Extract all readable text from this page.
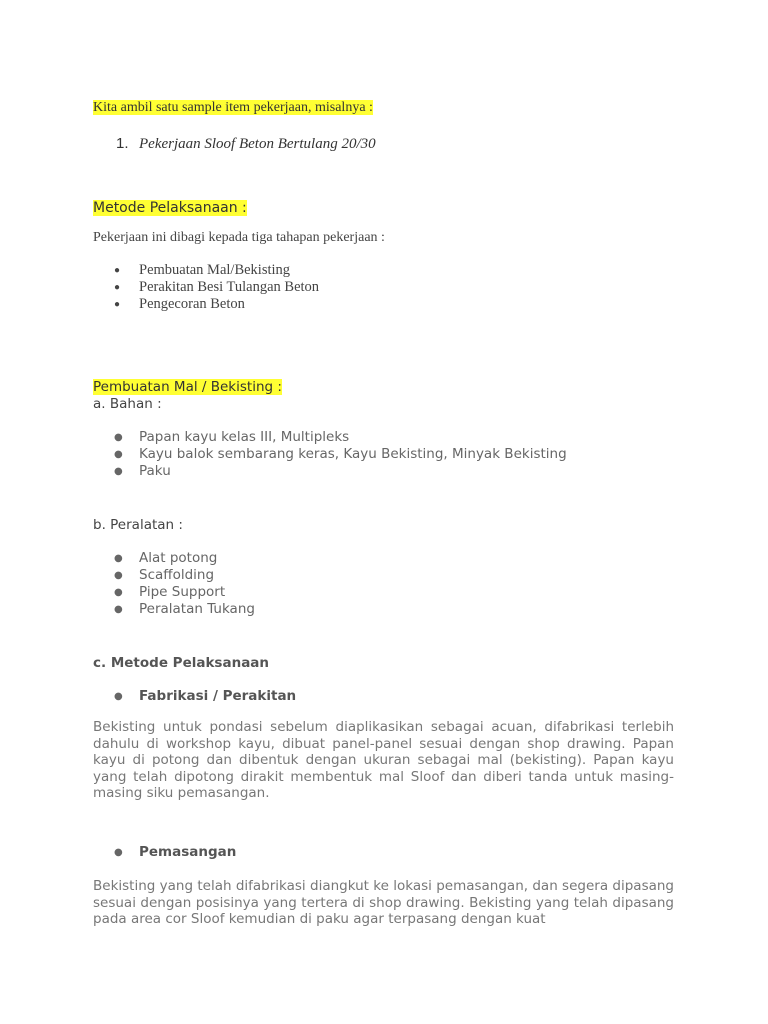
Kita ambil satu sample item pekerjaan, misalnya :

1. Pekerjaan Sloof Beton Bertulang 20/30

Metode Pelaksanaan :

Pekerjaan ini dibagi kepada tiga tahapan pekerjaan :

● Pembuatan Mal/Bekisting
● Perakitan Besi Tulangan Beton
● Pengecoran Beton

Pembuatan Mal / Bekisting :

a. Bahan :

● Papan kayu kelas III, Multipleks
● Kayu balok sembarang keras, Kayu Bekisting, Minyak Bekisting
● Paku

b. Peralatan :

● Alat potong
● Scaffolding
● Pipe Support
● Peralatan Tukang

c. Metode Pelaksanaan

● Fabrikasi / Perakitan

Bekisting untuk pondasi sebelum diaplikasikan sebagai acuan, difabrikasi terlebih dahulu di workshop kayu, dibuat panel-panel sesuai dengan shop drawing. Papan kayu di potong dan dibentuk dengan ukuran sebagai mal (bekisting). Papan kayu yang telah dipotong dirakit membentuk mal Sloof dan diberi tanda untuk masing-masing siku pemasangan.

● Pemasangan

Bekisting yang telah difabrikasi diangkut ke lokasi pemasangan, dan segera dipasang sesuai dengan posisinya yang tertera di shop drawing. Bekisting yang telah dipasang pada area cor Sloof kemudian di paku agar terpasang dengan kuat
